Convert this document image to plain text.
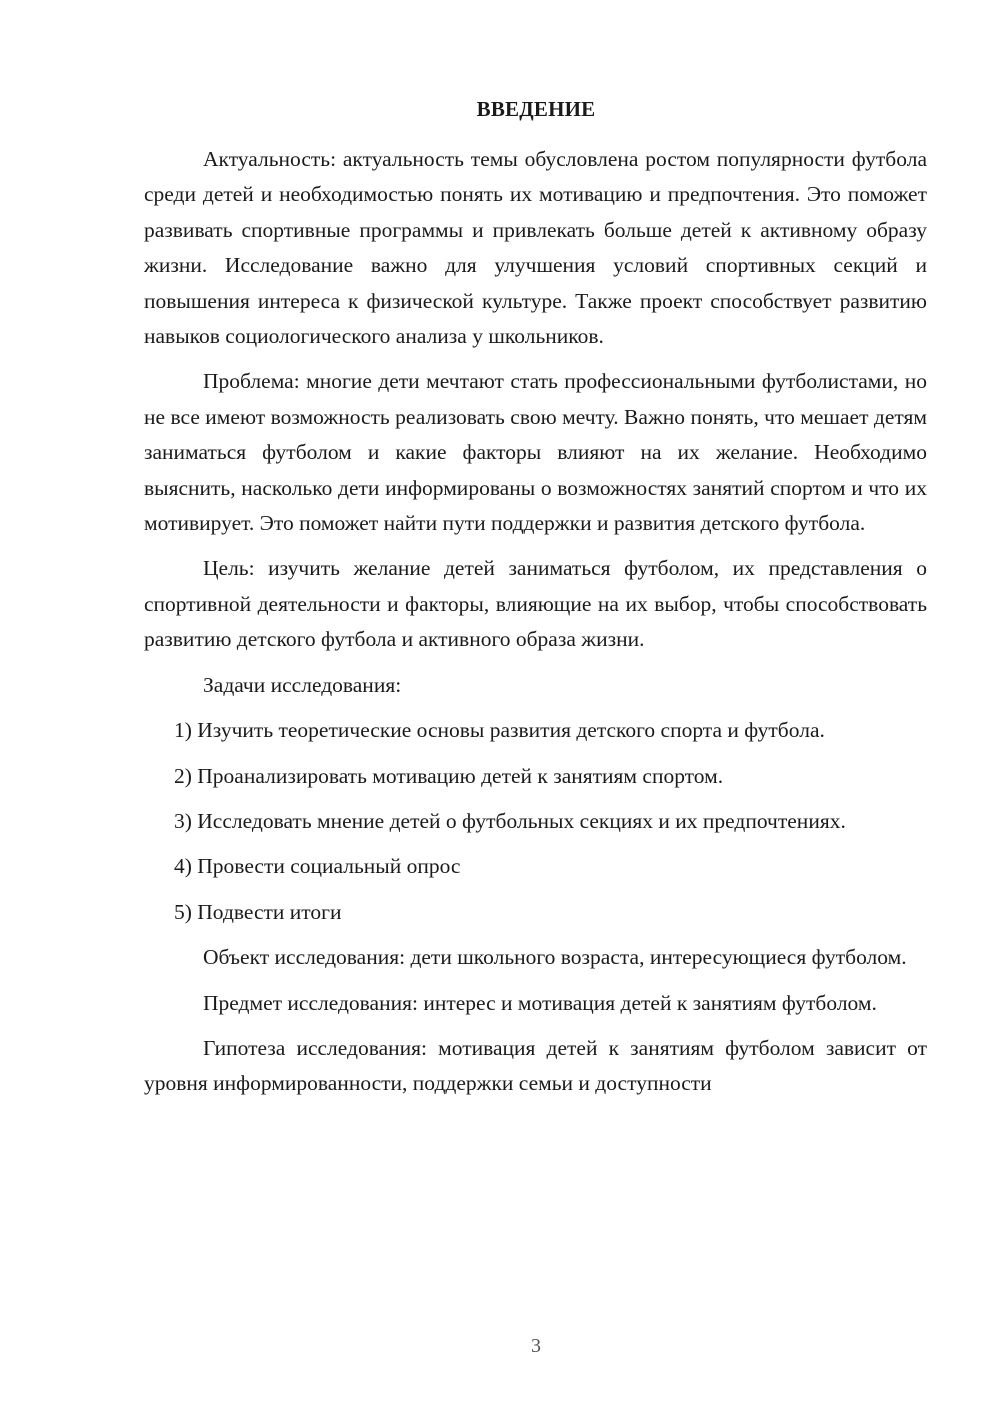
ВВЕДЕНИЕ

Актуальность: актуальность темы обусловлена ростом популярности футбола среди детей и необходимостью понять их мотивацию и предпочтения. Это поможет развивать спортивные программы и привлекать больше детей к активному образу жизни. Исследование важно для улучшения условий спортивных секций и повышения интереса к физической культуре. Также проект способствует развитию навыков социологического анализа у школьников.

Проблема: многие дети мечтают стать профессиональными футболистами, но не все имеют возможность реализовать свою мечту. Важно понять, что мешает детям заниматься футболом и какие факторы влияют на их желание. Необходимо выяснить, насколько дети информированы о возможностях занятий спортом и что их мотивирует. Это поможет найти пути поддержки и развития детского футбола.

Цель: изучить желание детей заниматься футболом, их представления о спортивной деятельности и факторы, влияющие на их выбор, чтобы способствовать развитию детского футбола и активного образа жизни.

Задачи исследования:

1) Изучить теоретические основы развития детского спорта и футбола.

2) Проанализировать мотивацию детей к занятиям спортом.

3) Исследовать мнение детей о футбольных секциях и их предпочтениях.

4) Провести социальный опрос

5) Подвести итоги

Объект исследования: дети школьного возраста, интересующиеся футболом.

Предмет исследования: интерес и мотивация детей к занятиям футболом.

Гипотеза исследования: мотивация детей к занятиям футболом зависит от уровня информированности, поддержки семьи и доступности

3
